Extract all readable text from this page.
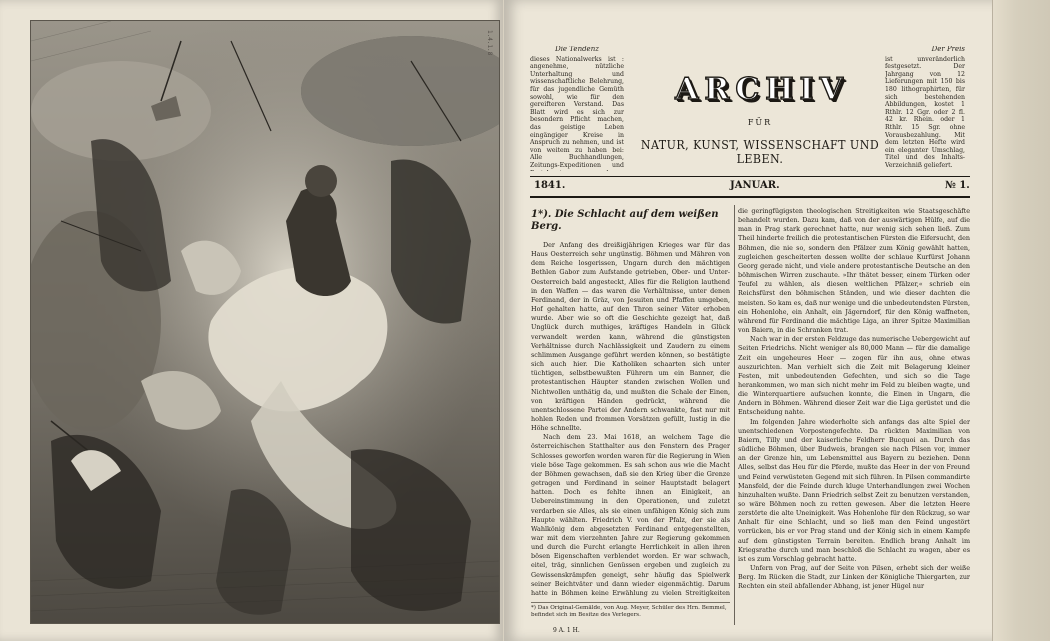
1.4.1.8	Die Tendenz
dieses Nationalwerks ist : angenehme, nützliche Unterhaltung und wissenschaftliche Belehrung, für das jugendliche Gemüth sowohl, wie für den gereifteren Verstand. Das Blatt wird es sich zur besondern Pflicht machen, das geistige Leben eingängiger Kreise in Anspruch zu nehmen, und ist von weitem zu haben bei: Alle Buchhandlungen, Zeitungs-Expeditionen und
ARCHIV
FÜR
NATUR, KUNST, WISSENSCHAFT UND LEBEN.
Der Preis
ist unveränderlich festgesetzt. Der Jahrgang von 12 Lieferungen mit 150 bis 180 lithographirten, für sich bestehenden Abbildungen, kostet 1 Rthlr. 12 Ggr. oder 2 fl. 42 kr. Rhein. oder 1 Rthlr. 15 Sgr. ohne Vorausbezahlung. Mit dem letzten Hefte wird ein eleganter Umschlag, Titel und des Inhalts-Verzeichniß geliefert.
1841.	JANUAR.	№ 1.

1*). Die Schlacht auf dem weißen Berg.

Der Anfang des dreißigjährigen Krieges war für das Haus Oesterreich sehr ungünstig. Böhmen und Mähren von dem Reiche losgerissen, Ungarn durch den mächtigen Bethlen Gabor zum Aufstande getrieben, Ober- und Unter-Oesterreich bald angesteckt, Alles für die Religion lauthend in den Waffen — das waren die Verhältnisse, unter denen Ferdinand, der in Gräz, von Jesuiten und Pfaffen umgeben, Hof gehalten hatte, auf den Thron seiner Väter erhoben wurde. Aber wie so oft die Geschichte gezeigt hat, daß Unglück durch muthiges, kräftiges Handeln in Glück verwandelt werden kann, während die günstigsten Verhältnisse durch Nachlässigkeit und Zaudern zu einem schlimmen Ausgange geführt werden können, so bestätigte sich auch hier. Die Katholiken schaarten sich unter tüchtigen, selbstbewußten Führern um ein Banner, die protestantischen Häupter standen zwischen Wollen und Nichtwollen unthätig da, und mußten die Schale der Einen, von kräftigen Händen gedrückt, während die unentschlossene Partei der Andern schwankte, fast nur mit hohlen Reden und frommen Vorsätzen gefüllt, lustig in die Höhe schnellte.

Nach dem 23. Mai 1618, an welchem Tage die österreichischen Statthalter aus den Fenstern des Prager Schlosses geworfen worden waren für die Regierung in Wien viele böse Tage gekommen. Es sah schon aus wie die Macht der Böhmen gewachsen, daß sie den Krieg über die Grenze getragen und Ferdinand in seiner Hauptstadt belagert hatten. Doch es fehlte ihnen an Einigkeit, an Uebereinstimmung in den Operationen, und zuletzt verdarben sie Alles, als sie einen unfähigen König sich zum Haupte wählten. Friedrich V. von der Pfalz, der sie als Wahlkönig dem abgesetzten Ferdinand entgegenstellten, war mit dem vierzehnten Jahre zur Regierung gekommen und durch die Furcht erlangte Herrlichkeit in allen ihren bösen Eigenschaften verblendet worden. Er war schwach, eitel, träg, sinnlichen Genüssen ergeben und zugleich zu Gewissenskrämpfen geneigt, sehr häufig das Spielwerk seiner Beichtväter und dann wieder eigenmächtig. Darum hatte in Böhmen keine Erwählung zu vielen Streitigkeiten

die geringfügigsten theologischen Streitigkeiten wie Staatsgeschäfte behandelt wurden. Dazu kam, daß von der auswärtigen Hülfe, auf die man in Prag stark gerechnet hatte, nur wenig sich sehen ließ. Zum Theil hinderte freilich die protestantischen Fürsten die Eifersucht, den Böhmen, die nie so, sondern den Pfälzer zum König gewählt hatten, zugleichen gescheiterten dessen wollte der schlaue Kurfürst Johann Georg gerade nicht, und viele andere protestantische Deutsche an den böhmischen Wirren zuschaute. »Ihr thätet besser, einem Türken oder Teufel zu wählen, als diesen weltlichen Pfälzer,« schrieb ein Reichsfürst den böhmischen Ständen, und wie dieser dachten die meisten. So kam es, daß nur wenige und die unbedeutendsten Fürsten, ein Hohenlohe, ein Anhalt, ein Jägerndorf, für den König waffneten, während für Ferdinand die mächtige Liga, an ihrer Spitze Maximilian von Baiern, in die Schranken trat.

Nach war in der ersten Feldzuge das numerische Uebergewicht auf Seiten Friedrichs. Nicht weniger als 80,000 Mann — für die damalige Zeit ein ungeheures Heer — zogen für ihn aus, ohne etwas auszurichten. Man verhielt sich die Zeit mit Belagerung kleiner Festen, mit unbedeutenden Gefechten, und sich so die Tage herankommen, wo man sich nicht mehr im Feld zu bleiben wagte, und die Winterquartiere aufsuchen konnte, die Einen in Ungarn, die Andern in Böhmen. Während dieser Zeit war die Liga gerüstet und die Entscheidung nahte.

Im folgenden Jahre wiederholte sich anfangs das alte Spiel der unentschiedenen Vorpostengefechte. Da rückten Maximilian von Baiern, Tilly und der kaiserliche Feldherr Bucquoi an. Durch das südliche Böhmen, über Budweis, brangen sie nach Pilsen vor, immer an der Grenze hin, um Lebensmittel aus Bayern zu beziehen. Denn Alles, selbst das Heu für die Pferde, mußte das Heer in der von Freund und Feind verwüsteten Gegend mit sich führen. In Pilsen commandirte Mansfeld, der die Feinde durch kluge Unterhandlungen zwei Wochen hinzuhalten wußte. Dann Friedrich selbst Zeit zu benutzen verstanden, so wäre Böhmen noch zu retten gewesen. Aber die letzten Heere zerstörte die alte Uneinigkeit. Was Hohenlohe für den Rückzug, so war Anhalt für eine Schlacht, und so ließ man den Feind ungestört vorrücken, bis er vor Prag stand und der König sich in einem Kampfe auf dem günstigsten Terrain bereiten. Endlich brang Anhalt im Kriegsrathe durch und man beschloß die Schlacht zu wagen, aber es ist es zum Vorschlag gebracht hatte.

Unfern von Prag, auf der Seite von Pilsen, erhebt sich der weiße Berg. Im Rücken die Stadt, zur Linken der Königliche Thiergarten, zur Rechten ein steil abfallender Abhang, ist jener Hügel nur

*) Das Original-Gemälde, von Aug. Meyer, Schüler des Hrn. Bemmel, befindet sich im Besitze des Verlegers.
9 A. 1 H.
